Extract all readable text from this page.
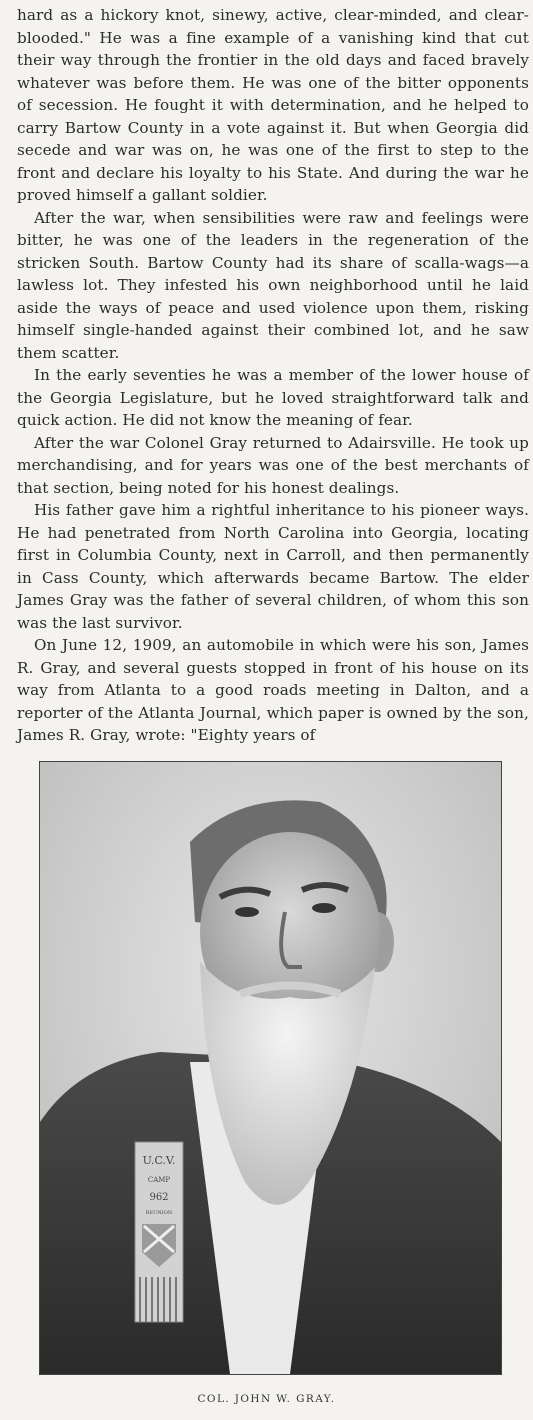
hard as a hickory knot, sinewy, active, clear-minded, and clear-blooded." He was a fine example of a vanishing kind that cut their way through the frontier in the old days and faced bravely whatever was before them. He was one of the bitter opponents of secession. He fought it with determination, and he helped to carry Bartow County in a vote against it. But when Georgia did secede and war was on, he was one of the first to step to the front and declare his loyalty to his State. And during the war he proved himself a gallant soldier.

After the war, when sensibilities were raw and feelings were bitter, he was one of the leaders in the regeneration of the stricken South. Bartow County had its share of scalla-wags—a lawless lot. They infested his own neighborhood until he laid aside the ways of peace and used violence upon them, risking himself single-handed against their combined lot, and he saw them scatter.

In the early seventies he was a member of the lower house of the Georgia Legislature, but he loved straightforward talk and quick action. He did not know the meaning of fear.

After the war Colonel Gray returned to Adairsville. He took up merchandising, and for years was one of the best merchants of that section, being noted for his honest dealings.

His father gave him a rightful inheritance to his pioneer ways. He had penetrated from North Carolina into Georgia, locating first in Columbia County, next in Carroll, and then permanently in Cass County, which afterwards became Bartow. The elder James Gray was the father of several children, of whom this son was the last survivor.

On June 12, 1909, an automobile in which were his son, James R. Gray, and several guests stopped in front of his house on its way from Atlanta to a good roads meeting in Dalton, and a reporter of the Atlanta Journal, which paper is owned by the son, James R. Gray, wrote: "Eighty years of

U.C.V.
CAMP
962
REUNION
COL. JOHN W. GRAY.
